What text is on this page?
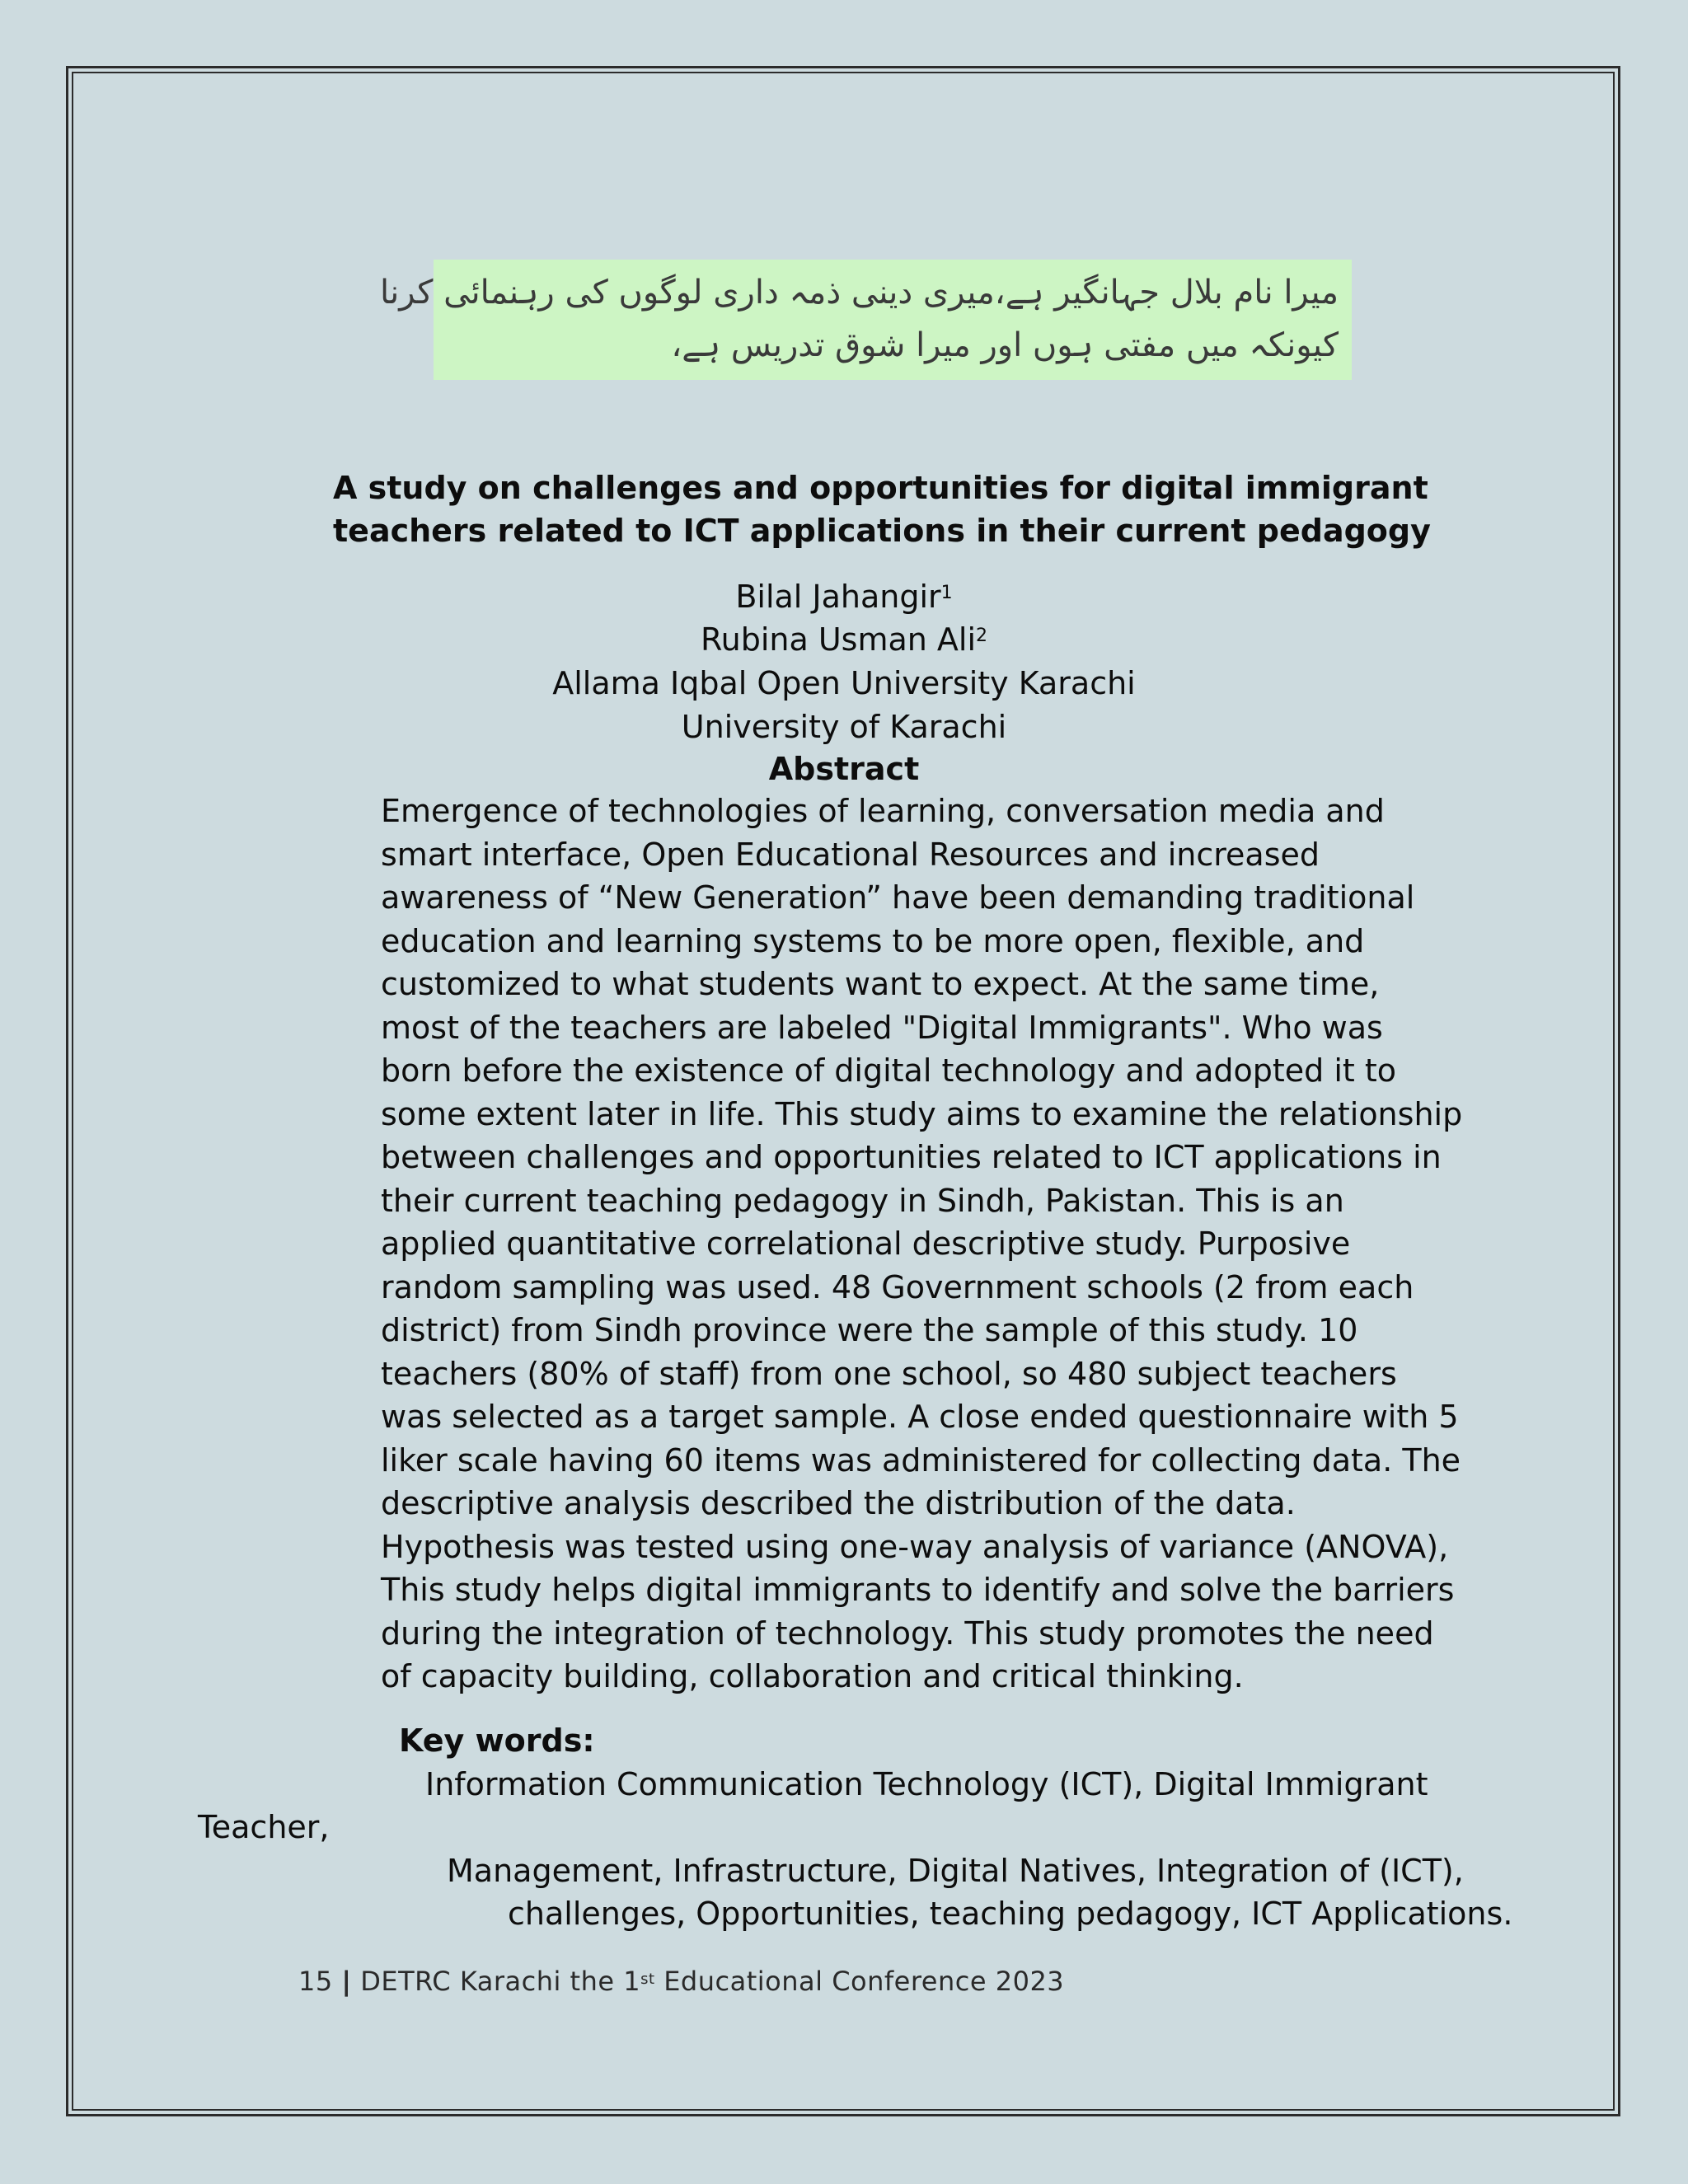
میرا نام بلال جہانگیر ہے،میری دینی ذمہ داری لوگوں کی رہنمائی کرنا
کیونکہ میں مفتی ہوں اور میرا شوق تدریس ہے،
A study on challenges and opportunities for digital immigrant
teachers related to ICT applications in their current pedagogy
Bilal Jahangir$^1$
Rubina Usman Ali$^2$
Allama Iqbal Open University Karachi
University of Karachi
Abstract
Emergence of technologies of learning, conversation media and
smart interface, Open Educational Resources and increased
awareness of “New Generation” have been demanding traditional
education and learning systems to be more open, flexible, and
customized to what students want to expect. At the same time,
most of the teachers are labeled "Digital Immigrants". Who was
born before the existence of digital technology and adopted it to
some extent later in life. This study aims to examine the relationship
between challenges and opportunities related to ICT applications in
their current teaching pedagogy in Sindh, Pakistan. This is an
applied quantitative correlational descriptive study. Purposive
random sampling was used. 48 Government schools (2 from each
district) from Sindh province were the sample of this study. 10
teachers (80% of staff) from one school, so 480 subject teachers
was selected as a target sample. A close ended questionnaire with 5
liker scale having 60 items was administered for collecting data. The
descriptive analysis described the distribution of the data.
Hypothesis was tested using one-way analysis of variance (ANOVA),
This study helps digital immigrants to identify and solve the barriers
during the integration of technology. This study promotes the need
of capacity building, collaboration and critical thinking.
Key words:
Information Communication Technology (ICT), Digital Immigrant
Teacher,
Management, Infrastructure, Digital Natives, Integration of (ICT),
challenges, Opportunities, teaching pedagogy, ICT Applications.
15 | DETRC Karachi the 1st Educational Conference 2023
